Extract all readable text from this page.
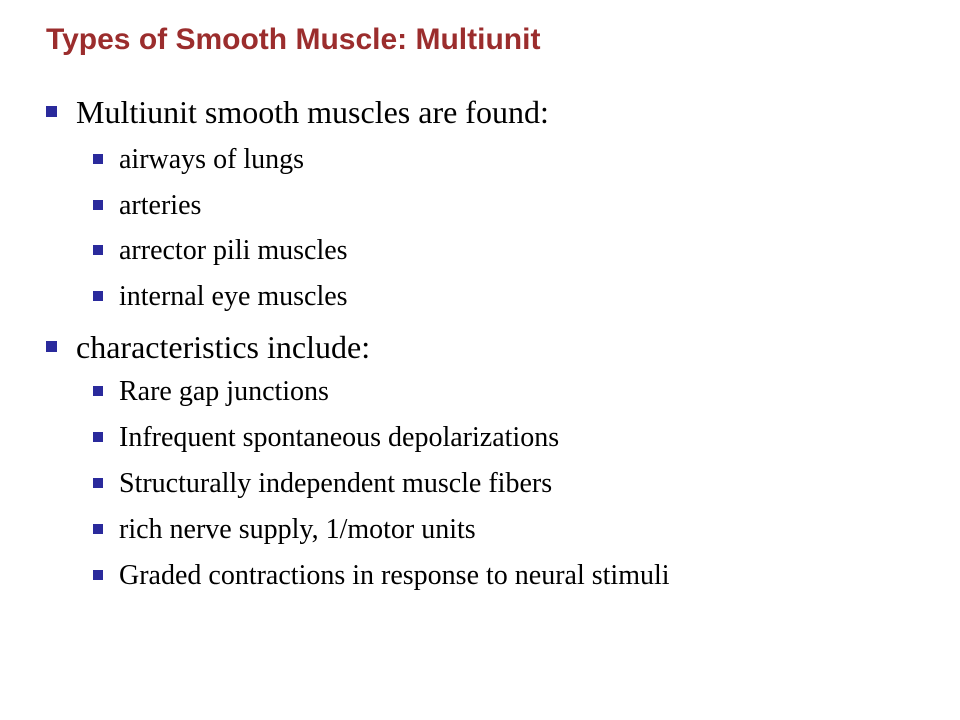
Types of Smooth Muscle: Multiunit
Multiunit smooth muscles are found:
airways of lungs
arteries
arrector pili muscles
internal eye muscles
characteristics include:
Rare gap junctions
Infrequent spontaneous depolarizations
Structurally independent muscle fibers
rich nerve supply, 1/motor units
Graded contractions in response to neural stimuli
